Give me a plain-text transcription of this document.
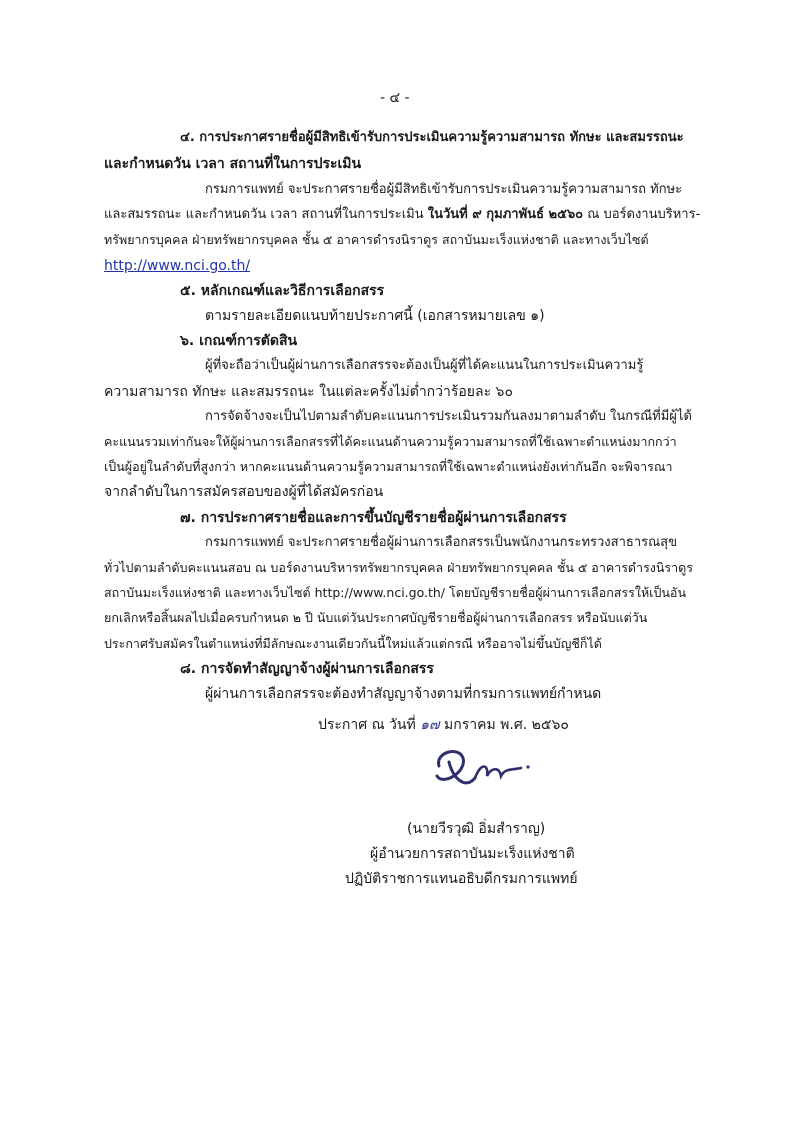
- ๔ -
๔. การประกาศรายชื่อผู้มีสิทธิเข้ารับการประเมินความรู้ความสามารถ ทักษะ และสมรรถนะ
และกำหนดวัน เวลา สถานที่ในการประเมิน
กรมการแพทย์ จะประกาศรายชื่อผู้มีสิทธิเข้ารับการประเมินความรู้ความสามารถ ทักษะ
และสมรรถนะ และกำหนดวัน เวลา สถานที่ในการประเมิน ในวันที่ ๙ กุมภาพันธ์ ๒๕๖๐ ณ บอร์ดงานบริหาร-
ทรัพยากรบุคคล ฝ่ายทรัพยากรบุคคล ชั้น ๕ อาคารดำรงนิราดูร สถาบันมะเร็งแห่งชาติ และทางเว็บไซต์
http://www.nci.go.th/
๕. หลักเกณฑ์และวิธีการเลือกสรร
ตามรายละเอียดแนบท้ายประกาศนี้ (เอกสารหมายเลข ๑)
๖. เกณฑ์การตัดสิน
ผู้ที่จะถือว่าเป็นผู้ผ่านการเลือกสรรจะต้องเป็นผู้ที่ได้คะแนนในการประเมินความรู้
ความสามารถ ทักษะ และสมรรถนะ ในแต่ละครั้งไม่ต่ำกว่าร้อยละ ๖๐
การจัดจ้างจะเป็นไปตามลำดับคะแนนการประเมินรวมกันลงมาตามลำดับ ในกรณีที่มีผู้ได้
คะแนนรวมเท่ากันจะให้ผู้ผ่านการเลือกสรรที่ได้คะแนนด้านความรู้ความสามารถที่ใช้เฉพาะตำแหน่งมากกว่า
เป็นผู้อยู่ในลำดับที่สูงกว่า หากคะแนนด้านความรู้ความสามารถที่ใช้เฉพาะตำแหน่งยังเท่ากันอีก จะพิจารณา
จากลำดับในการสมัครสอบของผู้ที่ได้สมัครก่อน
๗. การประกาศรายชื่อและการขึ้นบัญชีรายชื่อผู้ผ่านการเลือกสรร
กรมการแพทย์ จะประกาศรายชื่อผู้ผ่านการเลือกสรรเป็นพนักงานกระทรวงสาธารณสุข
ทั่วไปตามลำดับคะแนนสอบ ณ บอร์ดงานบริหารทรัพยากรบุคคล ฝ่ายทรัพยากรบุคคล ชั้น ๕ อาคารดำรงนิราดูร
สถาบันมะเร็งแห่งชาติ และทางเว็บไซต์ http://www.nci.go.th/ โดยบัญชีรายชื่อผู้ผ่านการเลือกสรรให้เป็นอัน
ยกเลิกหรือสิ้นผลไปเมื่อครบกำหนด ๒ ปี นับแต่วันประกาศบัญชีรายชื่อผู้ผ่านการเลือกสรร หรือนับแต่วัน
ประกาศรับสมัครในตำแหน่งที่มีลักษณะงานเดียวกันนี้ใหม่แล้วแต่กรณี หรืออาจไม่ขึ้นบัญชีก็ได้
๘. การจัดทำสัญญาจ้างผู้ผ่านการเลือกสรร
ผู้ผ่านการเลือกสรรจะต้องทำสัญญาจ้างตามที่กรมการแพทย์กำหนด
ประกาศ ณ วันที่ ๑๗ มกราคม พ.ศ. ๒๕๖๐
(นายวีรวุฒิ อิ่มสำราญ)
ผู้อำนวยการสถาบันมะเร็งแห่งชาติ
ปฏิบัติราชการแทนอธิบดีกรมการแพทย์
